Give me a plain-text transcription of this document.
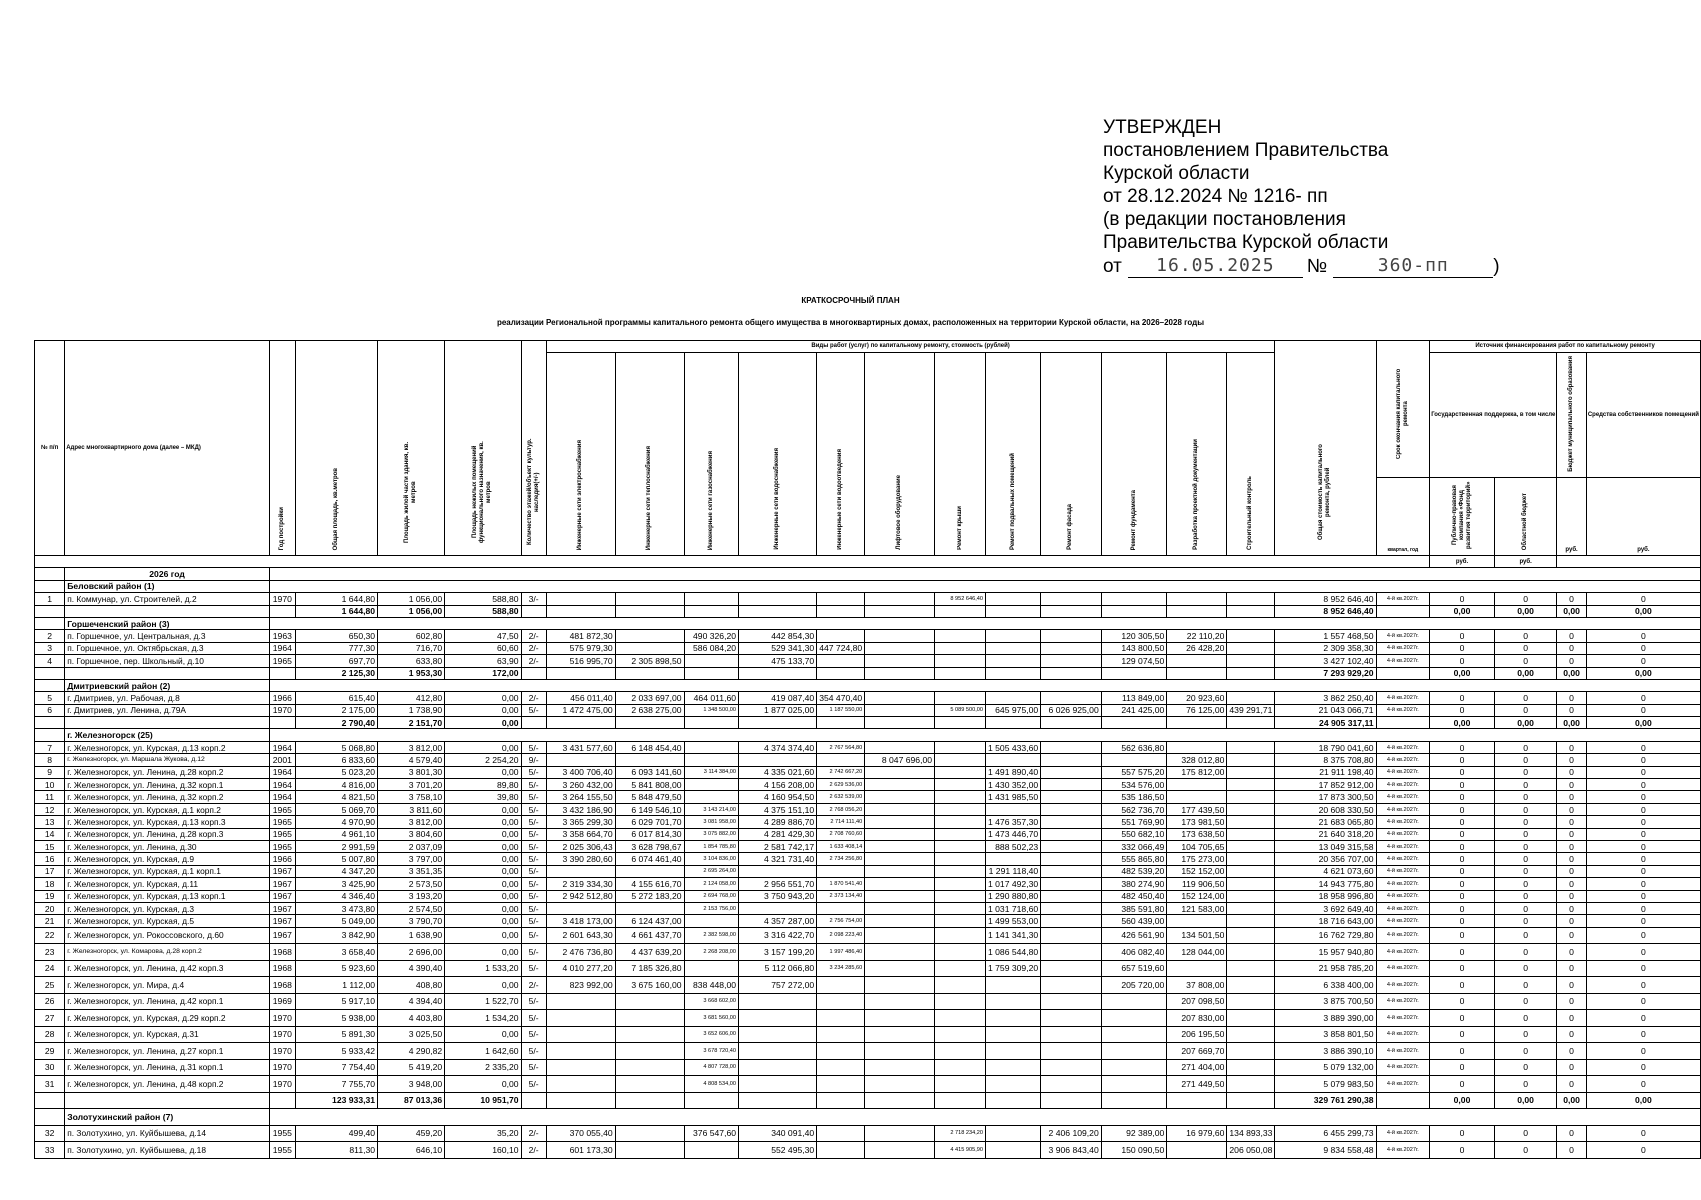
УТВЕРЖДЕН
постановлением Правительства
Курской области
от 28.12.2024 № 1216- пп
(в редакции постановления
Правительства Курской области
от	16.05.2025	№	360-пп	)
КРАТКОСРОЧНЫЙ ПЛАН
реализации Региональной программы капитального ремонта общего имущества в многоквартирных домах, расположенных на территории Курской области, на 2026–2028 годы
№ п/п	Адрес многоквартирного дома (далее – МКД)	Год постройки	Общая площадь, кв.метров	Площадь жилой части здания, кв. метров	Площадь нежилых помещений функционального назначения, кв. метров	Количество этажей/объект культур. наследия(+/-)	Виды работ (услуг) по капитальному ремонту, стоимость (рублей)												Общая стоимость капитального ремонта, рублей	Срок окончания капитального ремонта	Источник финансирования работ по капитальному ремонту			
							Инженерные сети электроснабжения	Инженерные сети теплоснабжения	Инженерные сети газоснабжения	Инженерные сети водоснабжения	Инженерные сети водоотведения	Лифтовое оборудование	Ремонт крыши	Ремонт подвальных помещений	Ремонт фасада	Ремонт фундамента	Разработка проектной документации	Строительный контроль			Государственная поддержка, в том числе		Бюджет муниципального образования	Средства собственников помещений
																				квартал, год	Публично-правовая компания «Фонд развития территорий»	Областной бюджет	руб.	руб.
																					руб.	руб.		
	2026 год																							
	Беловский район (1)																							
1	п. Коммунар, ул. Строителей, д.2	1970	1 644,80	1 056,00	588,80	3/-							8 952 646,40						8 952 646,40	4-й кв.2027г.	0	0	0	0
			1 644,80	1 056,00	588,80														8 952 646,40		0,00	0,00	0,00	0,00
	Горшеченский район (3)																							
2	п. Горшечное, ул. Центральная, д.3	1963	650,30	602,80	47,50	2/-	481 872,30		490 326,20	442 854,30						120 305,50	22 110,20		1 557 468,50	4-й кв.2027г.	0	0	0	0
3	п. Горшечное, ул. Октябрьская, д.3	1964	777,30	716,70	60,60	2/-	575 979,30		586 084,20	529 341,30	447 724,80					143 800,50	26 428,20		2 309 358,30	4-й кв.2027г.	0	0	0	0
4	п. Горшечное, пер. Школьный, д.10	1965	697,70	633,80	63,90	2/-	516 995,70	2 305 898,50		475 133,70						129 074,50			3 427 102,40	4-й кв.2027г.	0	0	0	0
			2 125,30	1 953,30	172,00														7 293 929,20		0,00	0,00	0,00	0,00
	Дмитриевский район (2)																							
5	г. Дмитриев, ул. Рабочая, д.8	1966	615,40	412,80	0,00	2/-	456 011,40	2 033 697,00	464 011,60	419 087,40	354 470,40					113 849,00	20 923,60		3 862 250,40	4-й кв.2027г.	0	0	0	0
6	г. Дмитриев, ул. Ленина, д.79А	1970	2 175,00	1 738,90	0,00	5/-	1 472 475,00	2 638 275,00	1 348 500,00	1 877 025,00	1 187 550,00		5 089 500,00	645 975,00	6 026 925,00	241 425,00	76 125,00	439 291,71	21 043 066,71	4-й кв.2027г.	0	0	0	0
			2 790,40	2 151,70	0,00														24 905 317,11		0,00	0,00	0,00	0,00
	г. Железногорск (25)																							
7	г. Железногорск, ул. Курская, д.13 корп.2	1964	5 068,80	3 812,00	0,00	5/-	3 431 577,60	6 148 454,40		4 374 374,40	2 767 564,80			1 505 433,60		562 636,80			18 790 041,60	4-й кв.2027г.	0	0	0	0
8	г. Железногорск, ул. Маршала Жукова, д.12	2001	6 833,60	4 579,40	2 254,20	9/-						8 047 696,00					328 012,80		8 375 708,80	4-й кв.2027г.	0	0	0	0
9	г. Железногорск, ул. Ленина, д.28 корп.2	1964	5 023,20	3 801,30	0,00	5/-	3 400 706,40	6 093 141,60	3 114 384,00	4 335 021,60	2 742 667,20			1 491 890,40		557 575,20	175 812,00		21 911 198,40	4-й кв.2027г.	0	0	0	0
10	г. Железногорск, ул. Ленина, д.32 корп.1	1964	4 816,00	3 701,20	89,80	5/-	3 260 432,00	5 841 808,00		4 156 208,00	2 629 536,00			1 430 352,00		534 576,00			17 852 912,00	4-й кв.2027г.	0	0	0	0
11	г. Железногорск, ул. Ленина, д.32 корп.2	1964	4 821,50	3 758,10	39,80	5/-	3 264 155,50	5 848 479,50		4 160 954,50	2 632 539,00			1 431 985,50		535 186,50			17 873 300,50	4-й кв.2027г.	0	0	0	0
12	г. Железногорск, ул. Курская, д.1 корп.2	1965	5 069,70	3 811,60	0,00	5/-	3 432 186,90	6 149 546,10	3 143 214,00	4 375 151,10	2 768 056,20					562 736,70	177 439,50		20 608 330,50	4-й кв.2027г.	0	0	0	0
13	г. Железногорск, ул. Курская, д.13 корп.3	1965	4 970,90	3 812,00	0,00	5/-	3 365 299,30	6 029 701,70	3 081 958,00	4 289 886,70	2 714 111,40			1 476 357,30		551 769,90	173 981,50		21 683 065,80	4-й кв.2027г.	0	0	0	0
14	г. Железногорск, ул. Ленина, д.28 корп.3	1965	4 961,10	3 804,60	0,00	5/-	3 358 664,70	6 017 814,30	3 075 882,00	4 281 429,30	2 708 760,60			1 473 446,70		550 682,10	173 638,50		21 640 318,20	4-й кв.2027г.	0	0	0	0
15	г. Железногорск, ул. Ленина, д.30	1965	2 991,59	2 037,09	0,00	5/-	2 025 306,43	3 628 798,67	1 854 785,80	2 581 742,17	1 633 408,14			888 502,23		332 066,49	104 705,65		13 049 315,58	4-й кв.2027г.	0	0	0	0
16	г. Железногорск, ул. Курская, д.9	1966	5 007,80	3 797,00	0,00	5/-	3 390 280,60	6 074 461,40	3 104 836,00	4 321 731,40	2 734 256,80					555 865,80	175 273,00		20 356 707,00	4-й кв.2027г.	0	0	0	0
17	г. Железногорск, ул. Курская, д.1 корп.1	1967	4 347,20	3 351,35	0,00	5/-			2 695 264,00					1 291 118,40		482 539,20	152 152,00		4 621 073,60	4-й кв.2027г.	0	0	0	0
18	г. Железногорск, ул. Курская, д.11	1967	3 425,90	2 573,50	0,00	5/-	2 319 334,30	4 155 616,70	2 124 058,00	2 956 551,70	1 870 541,40			1 017 492,30		380 274,90	119 906,50		14 943 775,80	4-й кв.2027г.	0	0	0	0
19	г. Железногорск, ул. Курская, д.13 корп.1	1967	4 346,40	3 193,20	0,00	5/-	2 942 512,80	5 272 183,20	2 694 768,00	3 750 943,20	2 373 134,40			1 290 880,80		482 450,40	152 124,00		18 958 996,80	4-й кв.2027г.	0	0	0	0
20	г. Железногорск, ул. Курская, д.3	1967	3 473,80	2 574,50	0,00	5/-			2 153 756,00					1 031 718,60		385 591,80	121 583,00		3 692 649,40	4-й кв.2027г.	0	0	0	0
21	г. Железногорск, ул. Курская, д.5	1967	5 049,00	3 790,70	0,00	5/-	3 418 173,00	6 124 437,00		4 357 287,00	2 756 754,00			1 499 553,00		560 439,00			18 716 643,00	4-й кв.2027г.	0	0	0	0
22	г. Железногорск, ул. Рокоссовского, д.60	1967	3 842,90	1 638,90	0,00	5/-	2 601 643,30	4 661 437,70	2 382 598,00	3 316 422,70	2 098 223,40			1 141 341,30		426 561,90	134 501,50		16 762 729,80	4-й кв.2027г.	0	0	0	0
23	г. Железногорск, ул. Комарова, д.28 корп.2	1968	3 658,40	2 696,00	0,00	5/-	2 476 736,80	4 437 639,20	2 268 208,00	3 157 199,20	1 997 486,40			1 086 544,80		406 082,40	128 044,00		15 957 940,80	4-й кв.2027г.	0	0	0	0
24	г. Железногорск, ул. Ленина, д.42 корп.3	1968	5 923,60	4 390,40	1 533,20	5/-	4 010 277,20	7 185 326,80		5 112 066,80	3 234 285,60			1 759 309,20		657 519,60			21 958 785,20	4-й кв.2027г.	0	0	0	0
25	г. Железногорск, ул. Мира, д.4	1968	1 112,00	408,80	0,00	2/-	823 992,00	3 675 160,00	838 448,00	757 272,00						205 720,00	37 808,00		6 338 400,00	4-й кв.2027г.	0	0	0	0
26	г. Железногорск, ул. Ленина, д.42 корп.1	1969	5 917,10	4 394,40	1 522,70	5/-			3 668 602,00								207 098,50		3 875 700,50	4-й кв.2027г.	0	0	0	0
27	г. Железногорск, ул. Курская, д.29 корп.2	1970	5 938,00	4 403,80	1 534,20	5/-			3 681 560,00								207 830,00		3 889 390,00	4-й кв.2027г.	0	0	0	0
28	г. Железногорск, ул. Курская, д.31	1970	5 891,30	3 025,50	0,00	5/-			3 652 606,00								206 195,50		3 858 801,50	4-й кв.2027г.	0	0	0	0
29	г. Железногорск, ул. Ленина, д.27 корп.1	1970	5 933,42	4 290,82	1 642,60	5/-			3 678 720,40								207 669,70		3 886 390,10	4-й кв.2027г.	0	0	0	0
30	г. Железногорск, ул. Ленина, д.31 корп.1	1970	7 754,40	5 419,20	2 335,20	5/-			4 807 728,00								271 404,00		5 079 132,00	4-й кв.2027г.	0	0	0	0
31	г. Железногорск, ул. Ленина, д.48 корп.2	1970	7 755,70	3 948,00	0,00	5/-			4 808 534,00								271 449,50		5 079 983,50	4-й кв.2027г.	0	0	0	0
			123 933,31	87 013,36	10 951,70														329 761 290,38		0,00	0,00	0,00	0,00
	Золотухинский район (7)																							
32	п. Золотухино, ул. Куйбышева, д.14	1955	499,40	459,20	35,20	2/-	370 055,40		376 547,60	340 091,40			2 718 234,20		2 406 109,20	92 389,00	16 979,60	134 893,33	6 455 299,73	4-й кв.2027г.	0	0	0	0
33	п. Золотухино, ул. Куйбышева, д.18	1955	811,30	646,10	160,10	2/-	601 173,30			552 495,30			4 415 905,90		3 906 843,40	150 090,50		206 050,08	9 834 558,48	4-й кв.2027г.	0	0	0	0
